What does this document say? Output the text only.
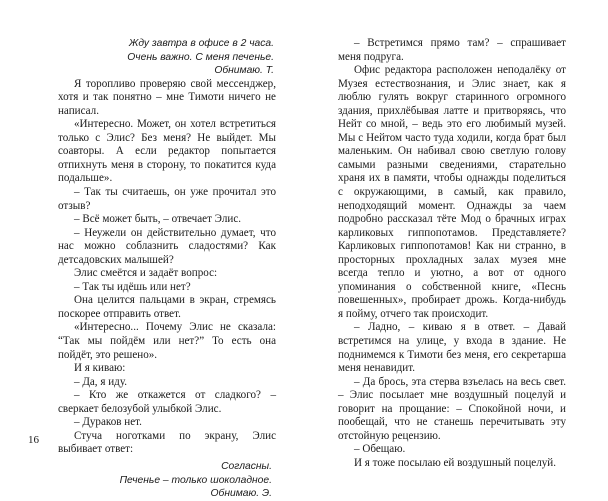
Жду завтра в офисе в 2 часа.
Очень важно. С меня печенье.
Обнимаю. Т.

Я торопливо проверяю свой мессенджер, хотя и так понятно – мне Тимоти ничего не написал.

«Интересно. Может, он хотел встретиться только с Элис? Без меня? Не выйдет. Мы соавторы. А если редактор попытается отпихнуть меня в сторону, то покатится куда подальше».

– Так ты считаешь, он уже прочитал это отзыв?

– Всё может быть, – отвечает Элис.

– Неужели он действительно думает, что нас можно соблазнить сладостями? Как детсадовских малышей?

Элис смеётся и задаёт вопрос:

– Так ты идёшь или нет?

Она целится пальцами в экран, стремясь поскорее отправить ответ.

«Интересно... Почему Элис не сказала: “Так мы пойдём или нет?” То есть она пойдёт, это решено».

И я киваю:

– Да, я иду.

– Кто же откажется от сладкого? – сверкает белозубой улыбкой Элис.

– Дураков нет.

Стуча ноготками по экрану, Элис выбивает ответ:

Согласны.
Печенье – только шоколадное.
Обнимаю. Э.
16

– Встретимся прямо там? – спрашивает меня подруга.

Офис редактора расположен неподалёку от Музея естествознания, и Элис знает, как я люблю гулять вокруг старинного огромного здания, прихлёбывая латте и притворяясь, что Нейт со мной, – ведь это его любимый музей. Мы с Нейтом часто туда ходили, когда брат был маленьким. Он набивал свою светлую голову самыми разными сведениями, старательно храня их в памяти, чтобы однажды поделиться с окружающими, в самый, как правило, неподходящий момент. Однажды за чаем подробно рассказал тёте Мод о брачных играх карликовых гиппопотамов. Представляете? Карликовых гиппопотамов! Как ни странно, в просторных прохладных залах музея мне всегда тепло и уютно, а вот от одного упоминания о собственной книге, «Песнь повешенных», пробирает дрожь. Когда-нибудь я пойму, отчего так происходит.

– Ладно, – киваю я в ответ. – Давай встретимся на улице, у входа в здание. Не поднимемся к Тимоти без меня, его секретарша меня ненавидит.

– Да брось, эта стерва взъелась на весь свет. – Элис посылает мне воздушный поцелуй и говорит на прощание: – Спокойной ночи, и пообещай, что не станешь перечитывать эту отстойную рецензию.

– Обещаю.

И я тоже посылаю ей воздушный поцелуй.
